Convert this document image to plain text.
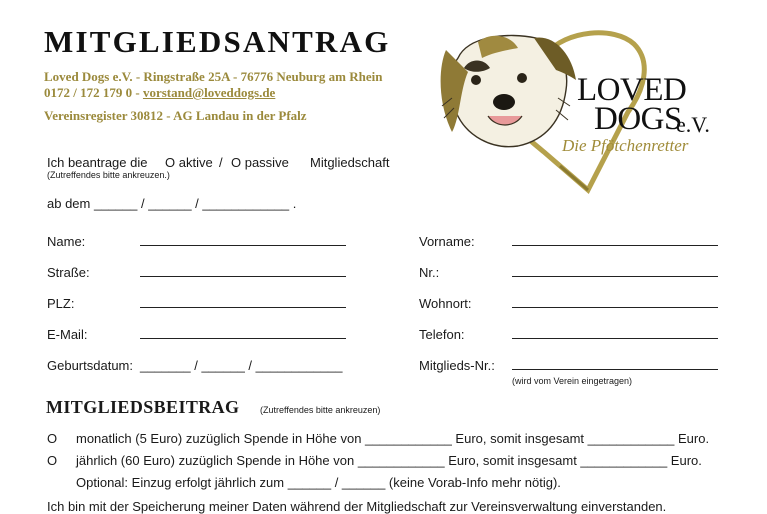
MITGLIEDSANTRAG
Loved Dogs e.V. - Ringstraße 25A - 76776 Neuburg am Rhein
0172 / 172 179 0 - vorstand@loveddogs.de
Vereinsregister 30812 - AG Landau in der Pfalz
LOVED
DOGS
e.V.
Die Pfötchenretter
Ich beantrage die O aktive / O passive Mitgliedschaft
(Zutreffendes bitte ankreuzen.)
ab dem ______ / ______ / ____________ .
Name:
Straße:
PLZ:
E-Mail:
Geburtsdatum: _______ / ______ / ____________
Vorname:
Nr.:
Wohnort:
Telefon:
Mitglieds-Nr.:
(wird vom Verein eingetragen)
MITGLIEDSBEITRAG (Zutreffendes bitte ankreuzen)
O monatlich (5 Euro) zuzüglich Spende in Höhe von ____________ Euro, somit insgesamt ____________ Euro.
O jährlich (60 Euro) zuzüglich Spende in Höhe von ____________ Euro, somit insgesamt ____________ Euro.
Optional: Einzug erfolgt jährlich zum ______ / ______ (keine Vorab-Info mehr nötig).
Ich bin mit der Speicherung meiner Daten während der Mitgliedschaft zur Vereinsverwaltung einverstanden.
